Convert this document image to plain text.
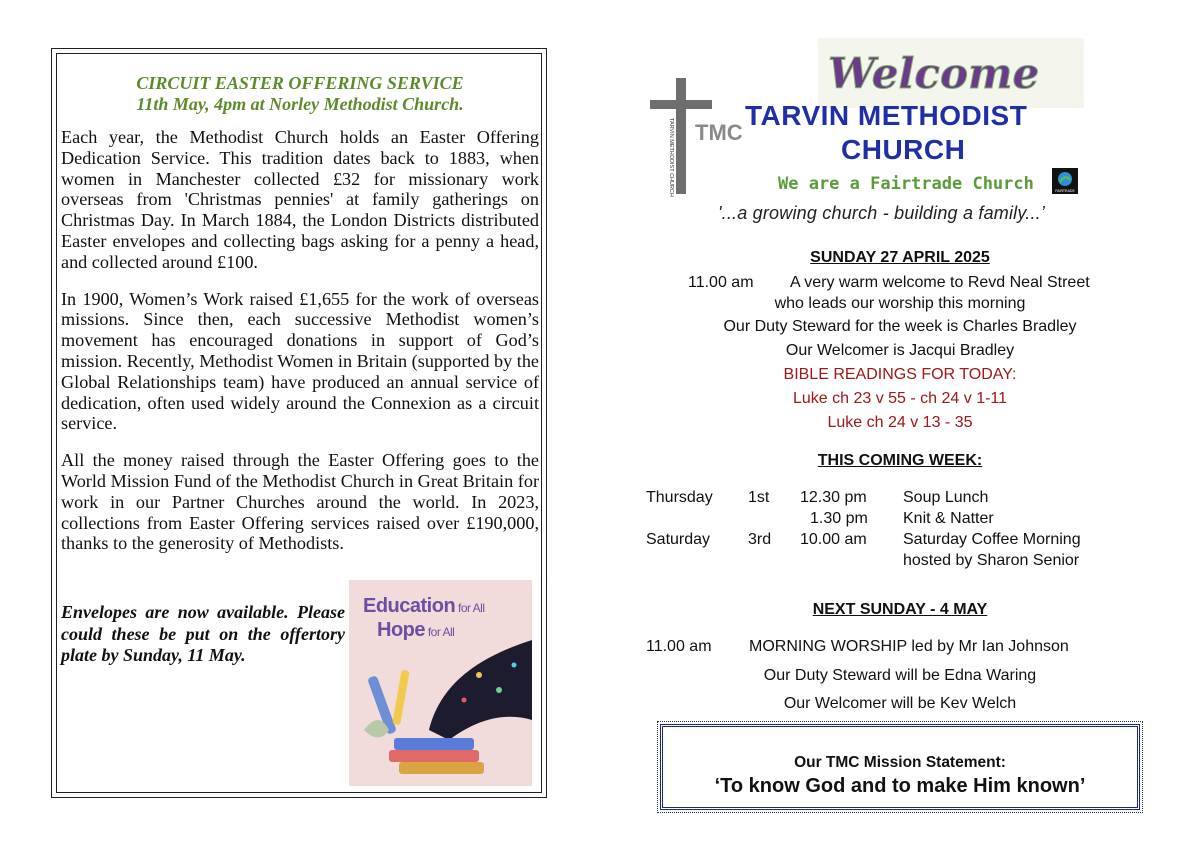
CIRCUIT EASTER OFFERING SERVICE
11th May, 4pm at Norley Methodist Church.
Each year, the Methodist Church holds an Easter Offering Dedication Service. This tradition dates back to 1883, when women in Manchester collected £32 for missionary work overseas from 'Christmas pennies' at family gatherings on Christmas Day. In March 1884, the London Districts distributed Easter envelopes and collecting bags asking for a penny a head, and collected around £100.
In 1900, Women’s Work raised £1,655 for the work of overseas missions. Since then, each successive Methodist women’s movement has encouraged donations in support of God’s mission. Recently, Methodist Women in Britain (supported by the Global Relationships team) have produced an annual service of dedication, often used widely around the Connexion as a circuit service.
All the money raised through the Easter Offering goes to the World Mission Fund of the Methodist Church in Great Britain for work in our Partner Churches around the world. In 2023, collections from Easter Offering services raised over £190,000, thanks to the generosity of Methodists.
Envelopes are now available. Please could these be put on the offertory plate by Sunday, 11 May.
Education for All
Hope for All
TMC
TARVIN METHODIST CHURCH
Welcome
TARVIN METHODIST
CHURCH
We are a Fairtrade Church	FAIRTRADE
'...a growing church - building a family...’
SUNDAY 27 APRIL 2025
11.00 am A very warm welcome to Revd Neal Street
who leads our worship this morning
Our Duty Steward for the week is Charles Bradley
Our Welcomer is Jacqui Bradley
BIBLE READINGS FOR TODAY:
Luke ch 23 v 55 - ch 24 v 1-11
Luke ch 24 v 13 - 35
THIS COMING WEEK:
Thursday 1st 12.30 pm Soup Lunch
1.30 pm Knit & Natter
Saturday 3rd 10.00 am Saturday Coffee Morning
hosted by Sharon Senior
NEXT SUNDAY - 4 MAY
11.00 am MORNING WORSHIP led by Mr Ian Johnson
Our Duty Steward will be Edna Waring
Our Welcomer will be Kev Welch
Our TMC Mission Statement:
‘To know God and to make Him known’
